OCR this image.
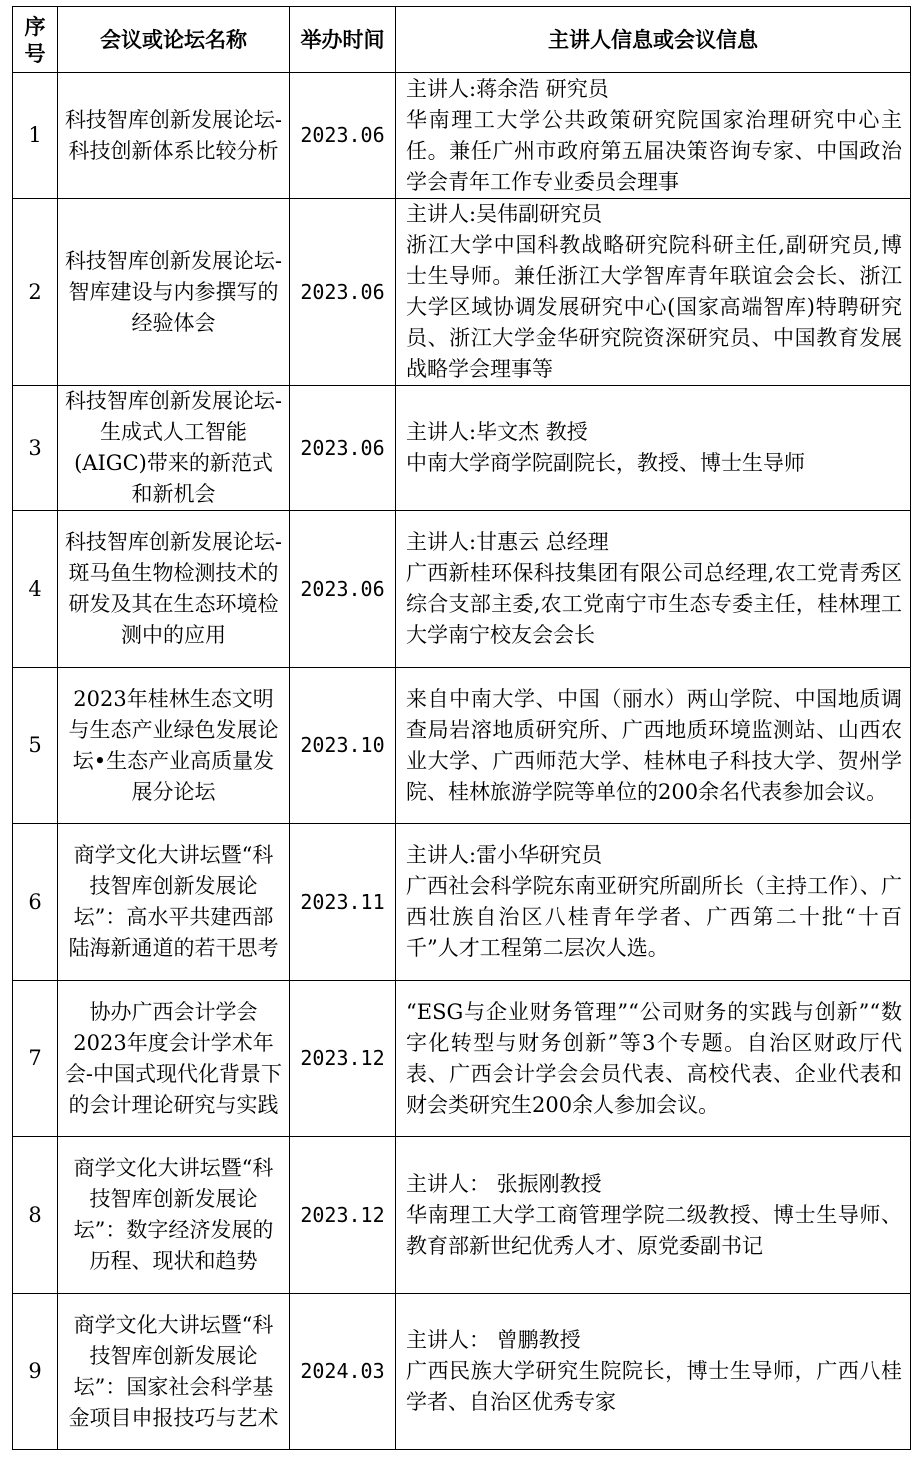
序号	会议或论坛名称	举办时间	主讲人信息或会议信息
1	科技智库创新发展论坛-科技创新体系比较分析	2023.06	主讲人:蒋余浩 研究员
华南理工大学公共政策研究院国家治理研究中心主任。兼任广州市政府第五届决策咨询专家、中国政治学会青年工作专业委员会理事

2	科技智库创新发展论坛-智库建设与内参撰写的经验体会	2023.06	主讲人:吴伟副研究员
浙江大学中国科教战略研究院科研主任,副研究员,博士生导师。兼任浙江大学智库青年联谊会会长、浙江大学区域协调发展研究中心(国家高端智库)特聘研究员、浙江大学金华研究院资深研究员、中国教育发展战略学会理事等

3	科技智库创新发展论坛-生成式人工智能(AIGC)带来的新范式和新机会	2023.06	主讲人:毕文杰 教授
中南大学商学院副院长，教授、博士生导师

4	科技智库创新发展论坛-斑马鱼生物检测技术的研发及其在生态环境检测中的应用	2023.06	主讲人:甘惠云 总经理
广西新桂环保科技集团有限公司总经理,农工党青秀区综合支部主委,农工党南宁市生态专委主任，桂林理工大学南宁校友会会长

5	2023年桂林生态文明与生态产业绿色发展论坛•生态产业高质量发展分论坛	2023.10	来自中南大学、中国（丽水）两山学院、中国地质调查局岩溶地质研究所、广西地质环境监测站、山西农业大学、广西师范大学、桂林电子科技大学、贺州学院、桂林旅游学院等单位的200余名代表参加会议。

6	商学文化大讲坛暨“科技智库创新发展论坛”：高水平共建西部陆海新通道的若干思考	2023.11	主讲人:雷小华研究员
广西社会科学院东南亚研究所副所长（主持工作）、广西壮族自治区八桂青年学者、广西第二十批“十百千”人才工程第二层次人选。

7	协办广西会计学会2023年度会计学术年会-中国式现代化背景下的会计理论研究与实践	2023.12	“ESG与企业财务管理”“公司财务的实践与创新”“数字化转型与财务创新”等3个专题。自治区财政厅代表、广西会计学会会员代表、高校代表、企业代表和财会类研究生200余人参加会议。

8	商学文化大讲坛暨“科技智库创新发展论坛”：数字经济发展的历程、现状和趋势	2023.12	主讲人： 张振刚教授
华南理工大学工商管理学院二级教授、博士生导师、教育部新世纪优秀人才、原党委副书记

9	商学文化大讲坛暨“科技智库创新发展论坛”：国家社会科学基金项目申报技巧与艺术	2024.03	主讲人： 曾鹏教授
广西民族大学研究生院院长，博士生导师，广西八桂学者、自治区优秀专家
